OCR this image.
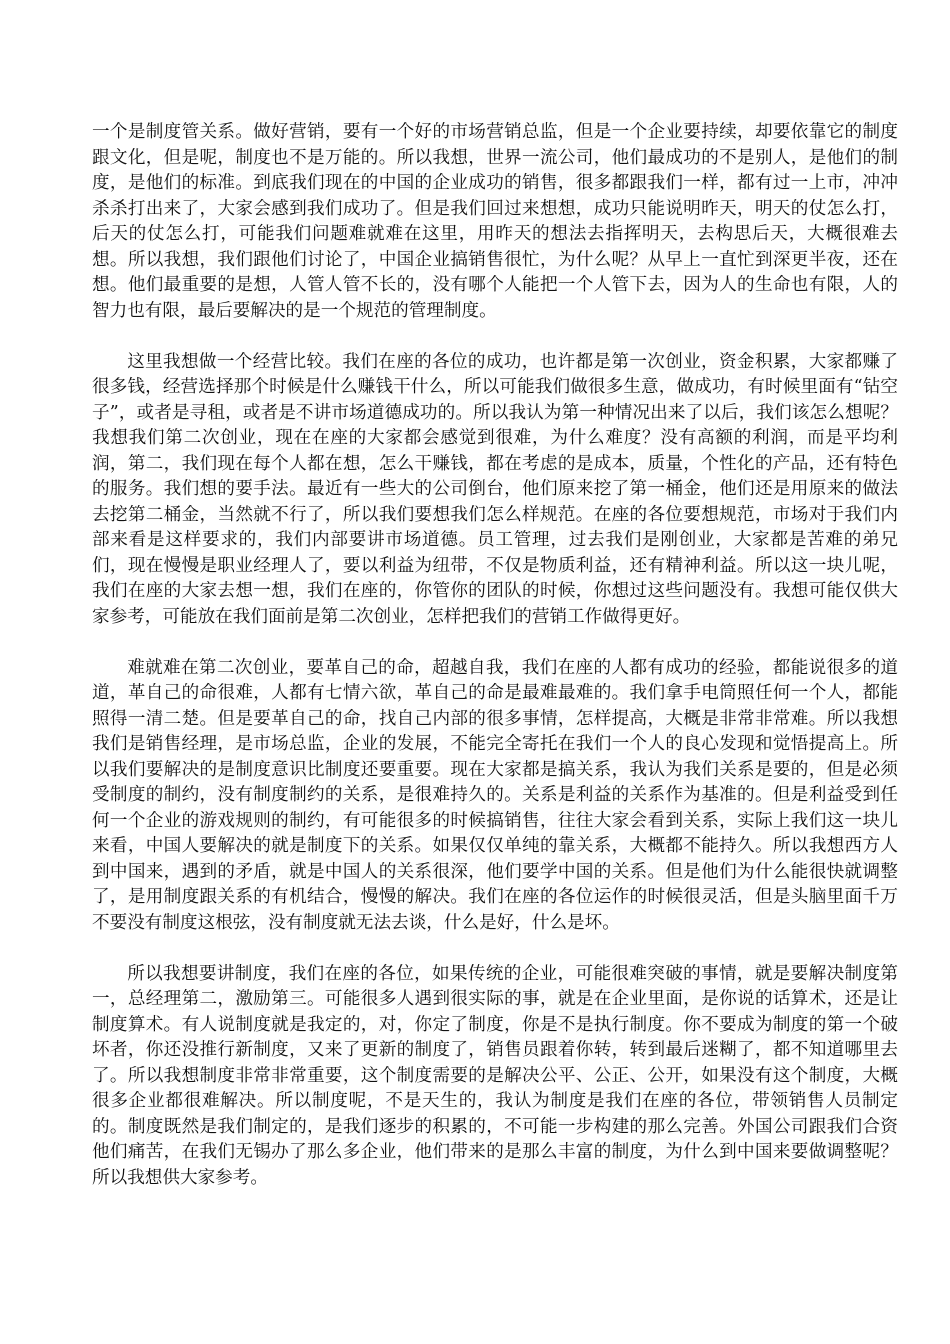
一个是制度管关系。做好营销，要有一个好的市场营销总监，但是一个企业要持续，却要依靠它的制度跟文化，但是呢，制度也不是万能的。所以我想，世界一流公司，他们最成功的不是别人，是他们的制度，是他们的标准。到底我们现在的中国的企业成功的销售，很多都跟我们一样，都有过一上市，冲冲杀杀打出来了，大家会感到我们成功了。但是我们回过来想想，成功只能说明昨天，明天的仗怎么打，后天的仗怎么打，可能我们问题难就难在这里，用昨天的想法去指挥明天，去构思后天，大概很难去想。所以我想，我们跟他们讨论了，中国企业搞销售很忙，为什么呢？从早上一直忙到深更半夜，还在想。他们最重要的是想，人管人管不长的，没有哪个人能把一个人管下去，因为人的生命也有限，人的智力也有限，最后要解决的是一个规范的管理制度。

这里我想做一个经营比较。我们在座的各位的成功，也许都是第一次创业，资金积累，大家都赚了很多钱，经营选择那个时候是什么赚钱干什么，所以可能我们做很多生意，做成功，有时候里面有“钻空子”，或者是寻租，或者是不讲市场道德成功的。所以我认为第一种情况出来了以后，我们该怎么想呢？我想我们第二次创业，现在在座的大家都会感觉到很难，为什么难度？没有高额的利润，而是平均利润，第二，我们现在每个人都在想，怎么干赚钱，都在考虑的是成本，质量，个性化的产品，还有特色的服务。我们想的要手法。最近有一些大的公司倒台，他们原来挖了第一桶金，他们还是用原来的做法去挖第二桶金，当然就不行了，所以我们要想我们怎么样规范。在座的各位要想规范，市场对于我们内部来看是这样要求的，我们内部要讲市场道德。员工管理，过去我们是刚创业，大家都是苦难的弟兄们，现在慢慢是职业经理人了，要以利益为纽带，不仅是物质利益，还有精神利益。所以这一块儿呢，我们在座的大家去想一想，我们在座的，你管你的团队的时候，你想过这些问题没有。我想可能仅供大家参考，可能放在我们面前是第二次创业，怎样把我们的营销工作做得更好。

难就难在第二次创业，要革自己的命，超越自我，我们在座的人都有成功的经验，都能说很多的道道，革自己的命很难，人都有七情六欲，革自己的命是最难最难的。我们拿手电筒照任何一个人，都能照得一清二楚。但是要革自己的命，找自己内部的很多事情，怎样提高，大概是非常非常难。所以我想我们是销售经理，是市场总监，企业的发展，不能完全寄托在我们一个人的良心发现和觉悟提高上。所以我们要解决的是制度意识比制度还要重要。现在大家都是搞关系，我认为我们关系是要的，但是必须受制度的制约，没有制度制约的关系，是很难持久的。关系是利益的关系作为基准的。但是利益受到任何一个企业的游戏规则的制约，有可能很多的时候搞销售，往往大家会看到关系，实际上我们这一块儿来看，中国人要解决的就是制度下的关系。如果仅仅单纯的靠关系，大概都不能持久。所以我想西方人到中国来，遇到的矛盾，就是中国人的关系很深，他们要学中国的关系。但是他们为什么能很快就调整了，是用制度跟关系的有机结合，慢慢的解决。我们在座的各位运作的时候很灵活，但是头脑里面千万不要没有制度这根弦，没有制度就无法去谈，什么是好，什么是坏。

所以我想要讲制度，我们在座的各位，如果传统的企业，可能很难突破的事情，就是要解决制度第一，总经理第二，激励第三。可能很多人遇到很实际的事，就是在企业里面，是你说的话算术，还是让制度算术。有人说制度就是我定的，对，你定了制度，你是不是执行制度。你不要成为制度的第一个破坏者，你还没推行新制度，又来了更新的制度了，销售员跟着你转，转到最后迷糊了，都不知道哪里去了。所以我想制度非常非常重要，这个制度需要的是解决公平、公正、公开，如果没有这个制度，大概很多企业都很难解决。所以制度呢，不是天生的，我认为制度是我们在座的各位，带领销售人员制定的。制度既然是我们制定的，是我们逐步的积累的，不可能一步构建的那么完善。外国公司跟我们合资他们痛苦，在我们无锡办了那么多企业，他们带来的是那么丰富的制度，为什么到中国来要做调整呢？所以我想供大家参考。
